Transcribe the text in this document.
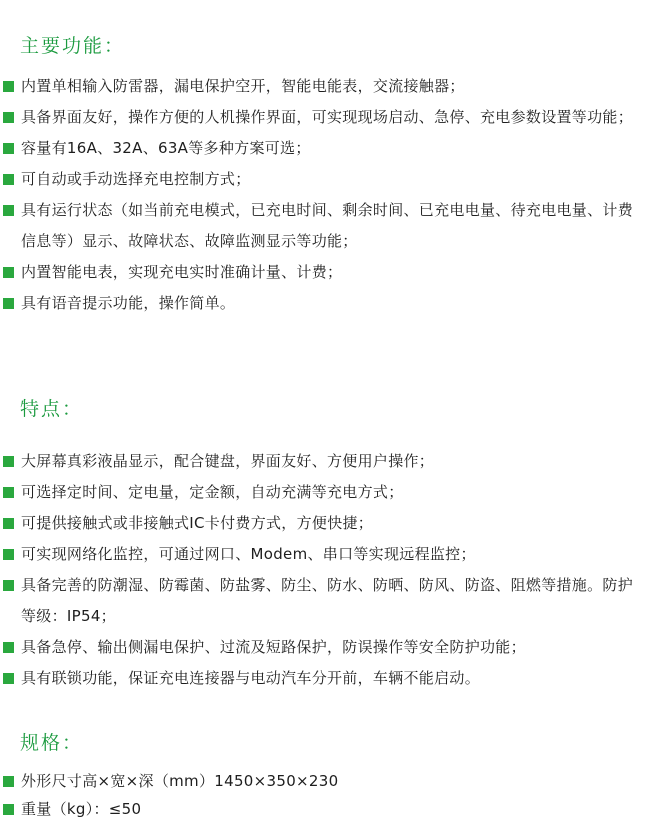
主要功能：
内置单相输入防雷器，漏电保护空开，智能电能表，交流接触器；
具备界面友好，操作方便的人机操作界面，可实现现场启动、急停、充电参数设置等功能；
容量有16A、32A、63A等多种方案可选；
可自动或手动选择充电控制方式；
具有运行状态（如当前充电模式，已充电时间、剩余时间、已充电电量、待充电电量、计费信息等）显示、故障状态、故障监测显示等功能；
内置智能电表，实现充电实时准确计量、计费；
具有语音提示功能，操作简单。
特点：
大屏幕真彩液晶显示，配合键盘，界面友好、方便用户操作；
可选择定时间、定电量，定金额，自动充满等充电方式；
可提供接触式或非接触式IC卡付费方式，方便快捷；
可实现网络化监控，可通过网口、Modem、串口等实现远程监控；
具备完善的防潮湿、防霉菌、防盐雾、防尘、防水、防晒、防风、防盗、阻燃等措施。防护等级：IP54；
具备急停、输出侧漏电保护、过流及短路保护，防误操作等安全防护功能；
具有联锁功能，保证充电连接器与电动汽车分开前，车辆不能启动。
规格：
外形尺寸高×宽×深（mm）1450×350×230
重量（kg）：≤50
